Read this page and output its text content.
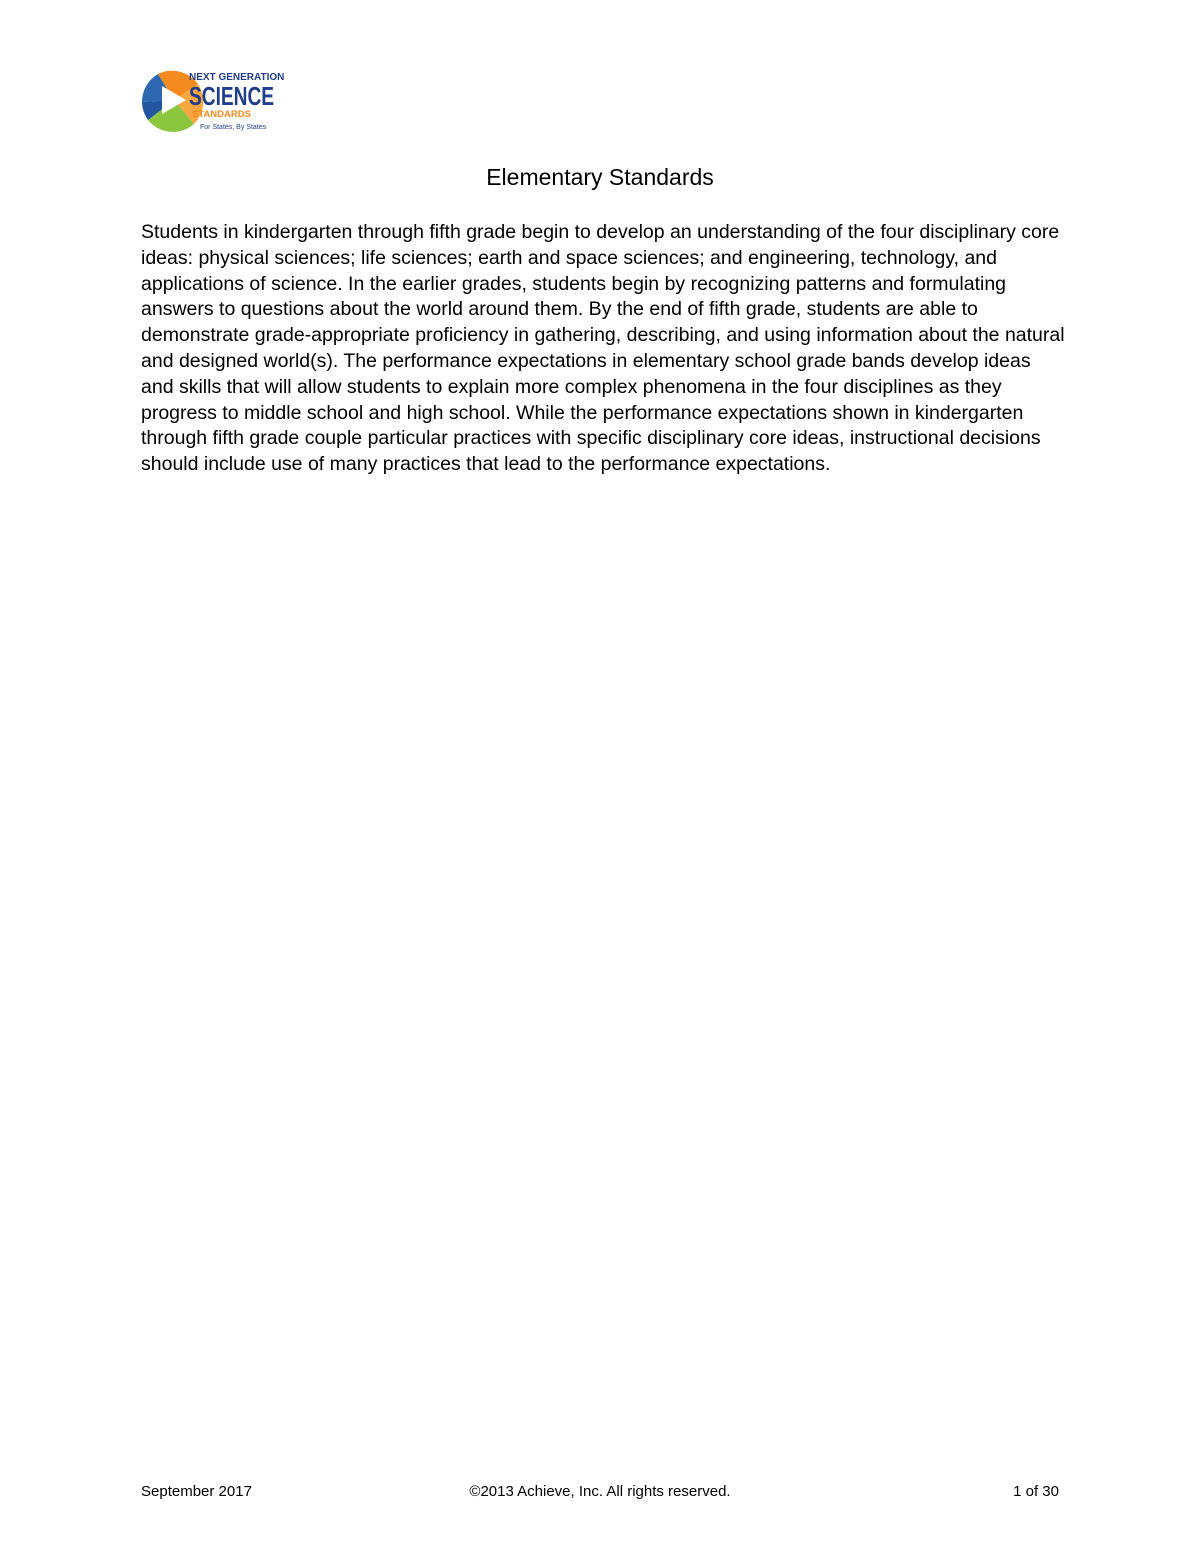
NEXT GENERATION
SCIENCE
STANDARDS
For States, By States
Elementary Standards

Students in kindergarten through fifth grade begin to develop an understanding of the four disciplinary core ideas: physical sciences; life sciences; earth and space sciences; and engineering, technology, and applications of science. In the earlier grades, students begin by recognizing patterns and formulating answers to questions about the world around them. By the end of fifth grade, students are able to demonstrate grade-appropriate proficiency in gathering, describing, and using information about the natural and designed world(s). The performance expectations in elementary school grade bands develop ideas and skills that will allow students to explain more complex phenomena in the four disciplines as they progress to middle school and high school. While the performance expectations shown in kindergarten through fifth grade couple particular practices with specific disciplinary core ideas, instructional decisions should include use of many practices that lead to the performance expectations.

September 2017	©2013 Achieve, Inc. All rights reserved.	1 of 30
